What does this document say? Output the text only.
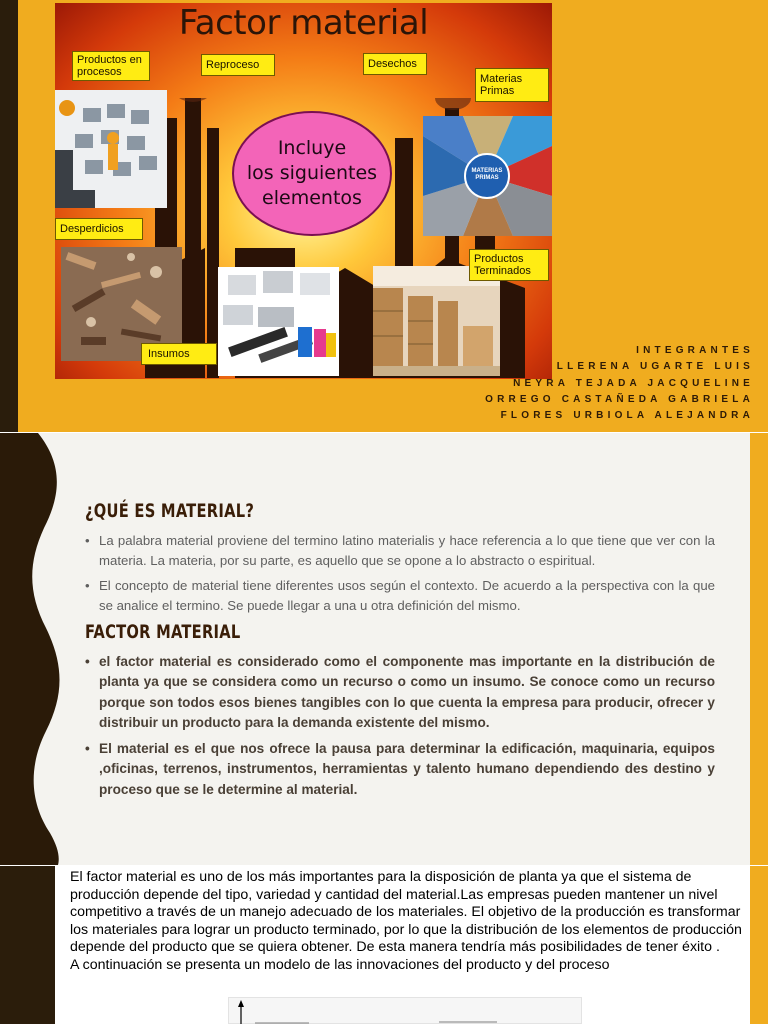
Factor material
Productos en
procesos
Reproceso	Desechos
Materias
Primas
MATERIAS
PRIMAS
Incluye
los siguientes
elementos
Desperdicios
Insumos
Productos
Terminados
INTEGRANTES
LLERENA UGARTE LUIS
NEYRA TEJADA JACQUELINE
ORREGO CASTAÑEDA GABRIELA
FLORES URBIOLA ALEJANDRA
¿QUÉ ES MATERIAL?
• La palabra material proviene del termino latino materialis y hace referencia a lo que tiene que ver con la materia. La materia, por su parte, es aquello que se opone a lo abstracto o espiritual.
• El concepto de material tiene diferentes usos según el contexto. De acuerdo a la perspectiva con la que se analice el termino. Se puede llegar a una u otra definición del mismo.
FACTOR MATERIAL
• el factor material es considerado como el componente mas importante en la distribución de planta ya que se considera como un recurso o como un insumo. Se conoce como un recurso porque son todos esos bienes tangibles con lo que cuenta la empresa para producir, ofrecer y distribuir un producto para la demanda existente del mismo.
• El material es el que nos ofrece la pausa para determinar la edificación, maquinaria, equipos ,oficinas, terrenos, instrumentos, herramientas y talento humano dependiendo des destino y proceso que se le determine al material.
El factor material es uno de los más importantes para la disposición de planta ya que el sistema de producción depende del tipo, variedad y cantidad del material.Las empresas pueden mantener un nivel competitivo a través de un manejo adecuado de los materiales. El objetivo de la producción es transformar los materiales para lograr un producto terminado, por lo que la distribución de los elementos de producción depende del producto que se quiera obtener. De esta manera tendría más posibilidades de tener éxito .
A continuación se presenta un modelo de las innovaciones del producto y del proceso
